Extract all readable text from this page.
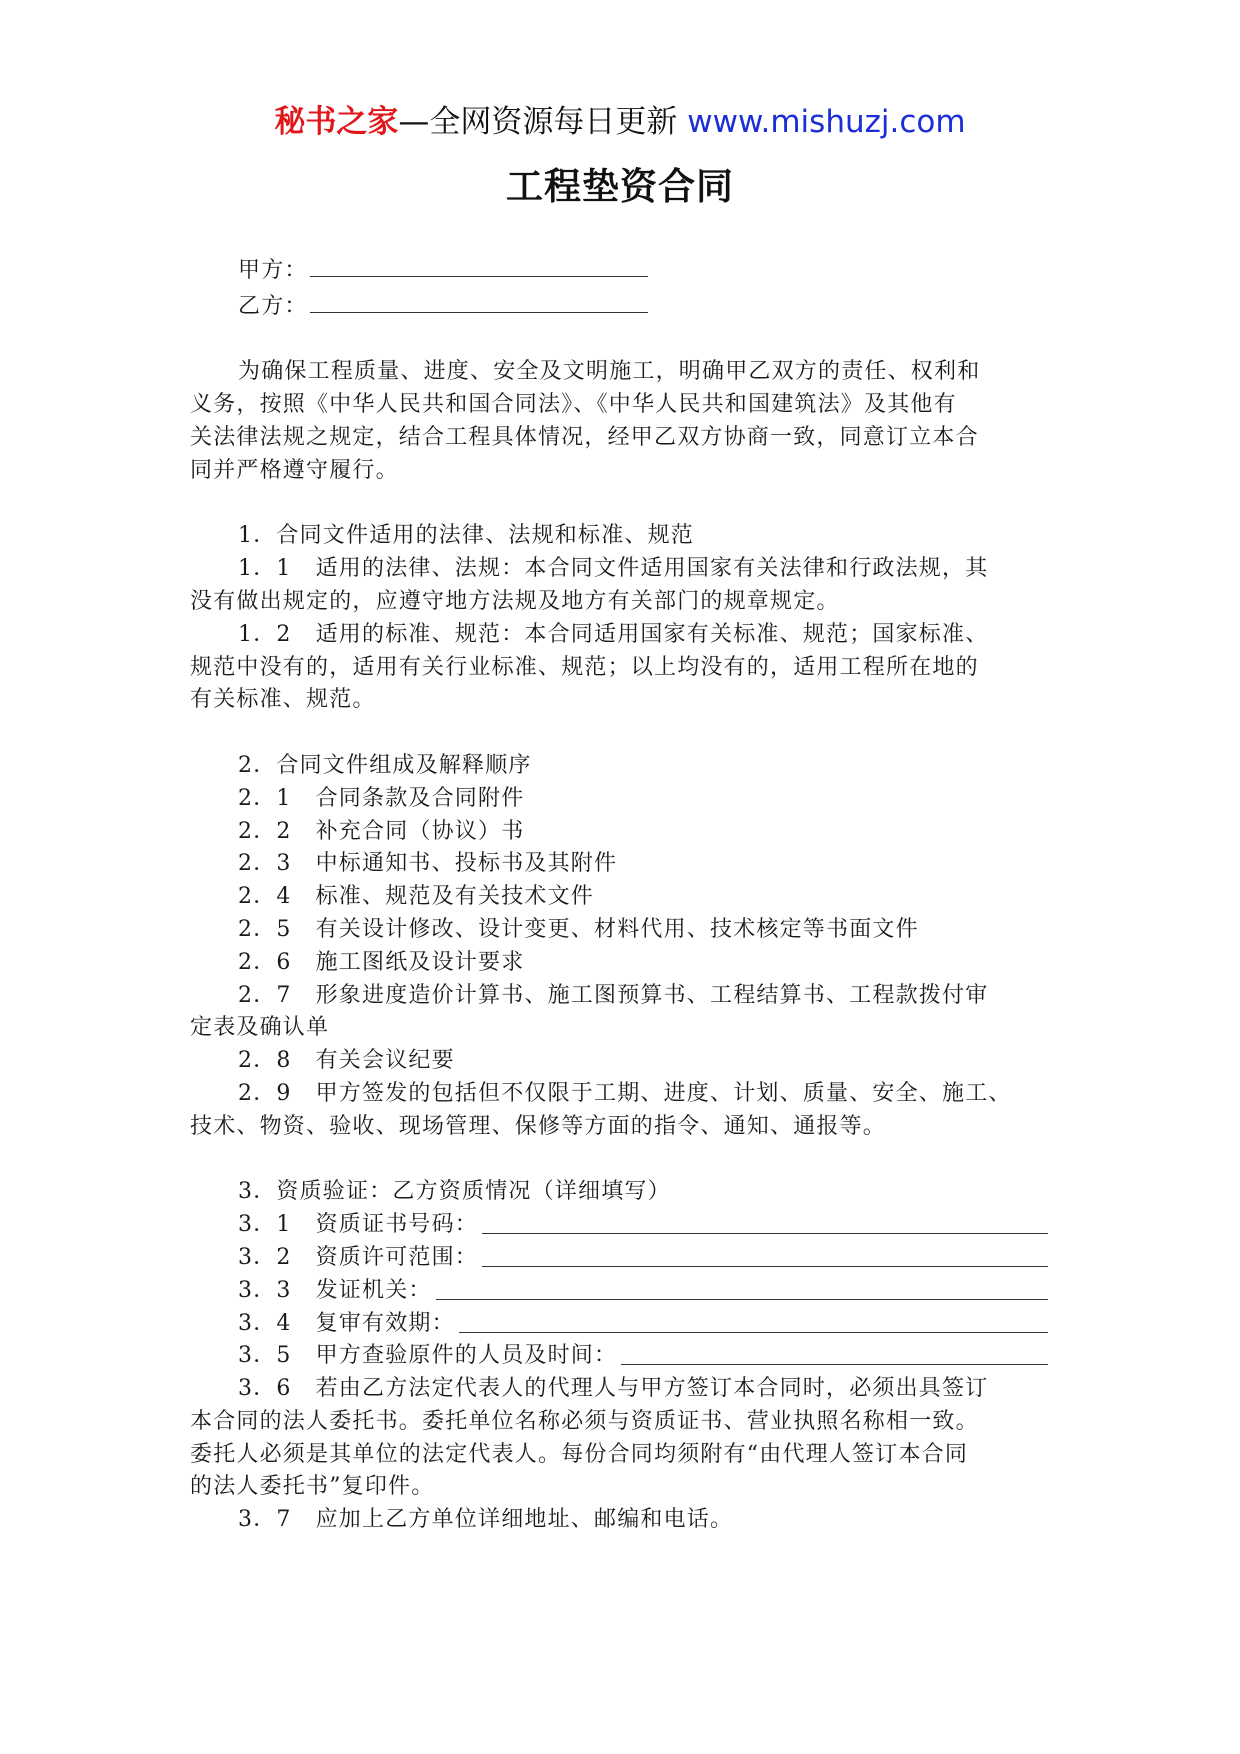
秘书之家—全网资源每日更新 www.mishuzj.com
工程垫资合同
甲方：
乙方：

为确保工程质量、进度、安全及文明施工，明确甲乙双方的责任、权利和

义务，按照《中华人民共和国合同法》、《中华人民共和国建筑法》及其他有

关法律法规之规定，结合工程具体情况，经甲乙双方协商一致，同意订立本合

同并严格遵守履行。

1．合同文件适用的法律、法规和标准、规范

1．1 适用的法律、法规：本合同文件适用国家有关法律和行政法规，其

没有做出规定的，应遵守地方法规及地方有关部门的规章规定。

1．2 适用的标准、规范：本合同适用国家有关标准、规范；国家标准、

规范中没有的，适用有关行业标准、规范；以上均没有的，适用工程所在地的

有关标准、规范。

2．合同文件组成及解释顺序

2．1 合同条款及合同附件

2．2 补充合同（协议）书

2．3 中标通知书、投标书及其附件

2．4 标准、规范及有关技术文件

2．5 有关设计修改、设计变更、材料代用、技术核定等书面文件

2．6 施工图纸及设计要求

2．7 形象进度造价计算书、施工图预算书、工程结算书、工程款拨付审

定表及确认单

2．8 有关会议纪要

2．9 甲方签发的包括但不仅限于工期、进度、计划、质量、安全、施工、

技术、物资、验收、现场管理、保修等方面的指令、通知、通报等。

3．资质验证：乙方资质情况（详细填写）

3．1 资质证书号码：
3．2 资质许可范围：
3．3 发证机关：
3．4 复审有效期：
3．5 甲方查验原件的人员及时间：

3．6 若由乙方法定代表人的代理人与甲方签订本合同时，必须出具签订

本合同的法人委托书。委托单位名称必须与资质证书、营业执照名称相一致。

委托人必须是其单位的法定代表人。每份合同均须附有“由代理人签订本合同

的法人委托书”复印件。

3．7 应加上乙方单位详细地址、邮编和电话。
